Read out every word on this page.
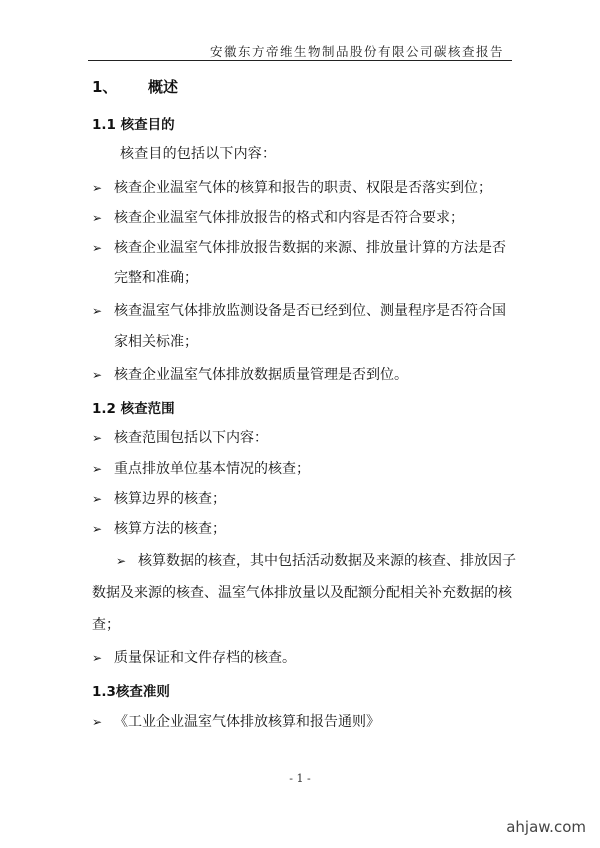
安徽东方帝维生物制品股份有限公司碳核查报告
1、 概述
1.1 核查目的
核查目的包括以下内容：
➢ 核查企业温室气体的核算和报告的职责、权限是否落实到位；
➢ 核查企业温室气体排放报告的格式和内容是否符合要求；
➢ 核查企业温室气体排放报告数据的来源、排放量计算的方法是否
完整和准确；
➢ 核查温室气体排放监测设备是否已经到位、测量程序是否符合国
家相关标准；
➢ 核查企业温室气体排放数据质量管理是否到位。
1.2 核查范围
➢ 核查范围包括以下内容：
➢ 重点排放单位基本情况的核查；
➢ 核算边界的核查；
➢ 核算方法的核查；
➢ 核算数据的核查，其中包括活动数据及来源的核查、排放因子
数据及来源的核查、温室气体排放量以及配额分配相关补充数据的核
查；
➢ 质量保证和文件存档的核查。
1.3核查准则
➢ 《工业企业温室气体排放核算和报告通则》
- 1 -
ahjaw.com
